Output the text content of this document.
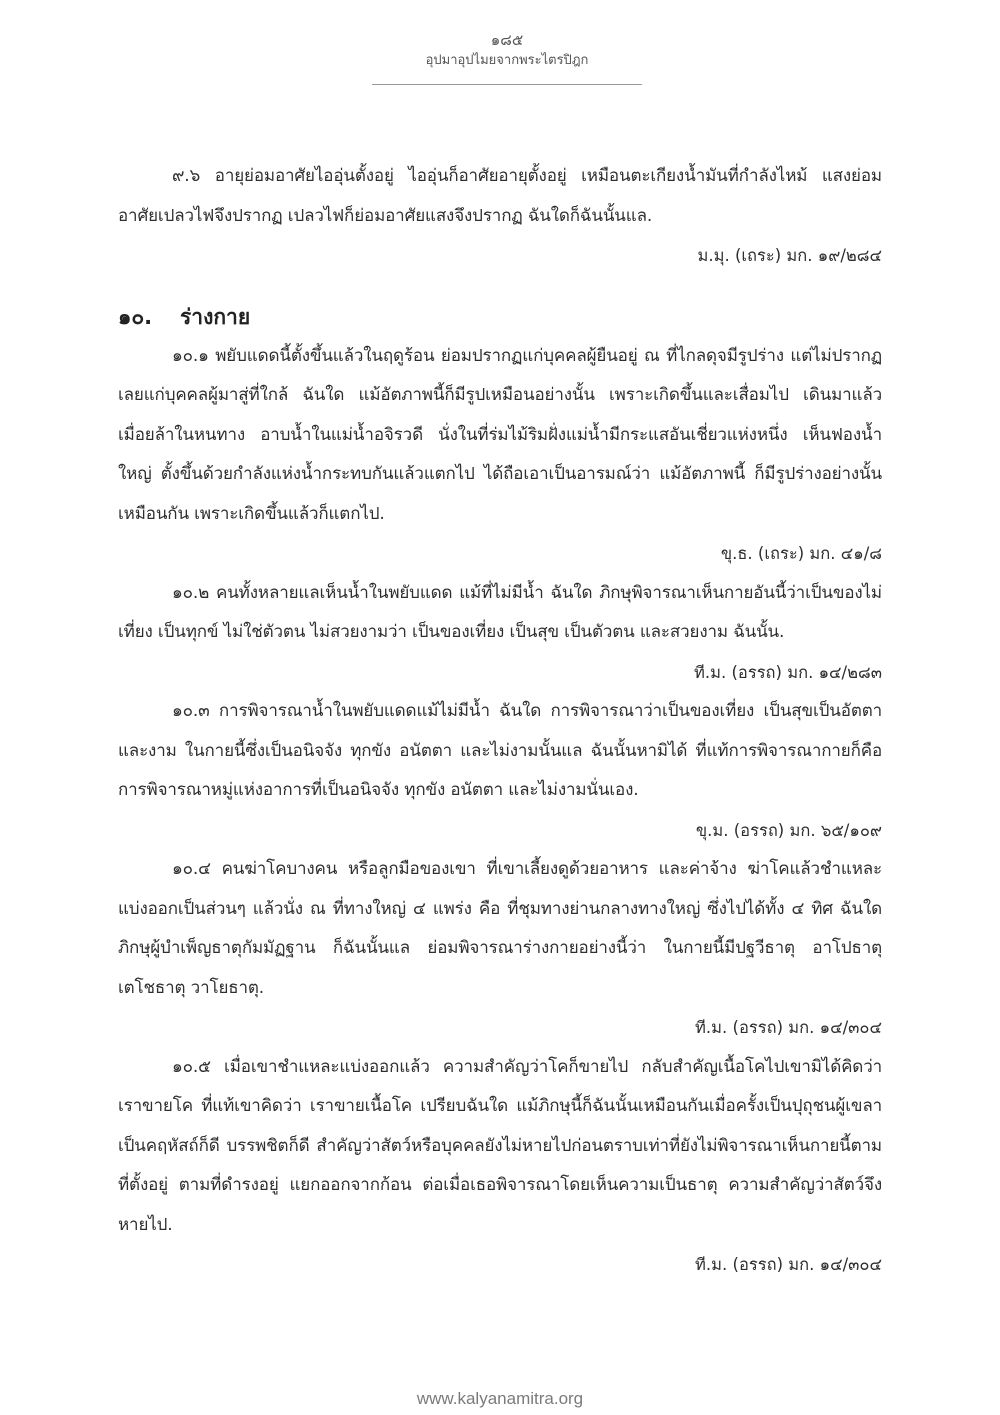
๑๘๕
อุปมาอุปไมยจากพระไตรปิฎก

๙.๖ อายุย่อมอาศัยไออุ่นตั้งอยู่ ไออุ่นก็อาศัยอายุตั้งอยู่ เหมือนตะเกียงน้ำมันที่กำลังไหม้ แสงย่อมอาศัยเปลวไฟจึงปรากฏ เปลวไฟก็ย่อมอาศัยแสงจึงปรากฏ ฉันใดก็ฉันนั้นแล.

ม.มุ. (เถระ) มก. ๑๙/๒๘๔

๑๐. ร่างกาย

๑๐.๑ พยับแดดนี้ตั้งขึ้นแล้วในฤดูร้อน ย่อมปรากฏแก่บุคคลผู้ยืนอยู่ ณ ที่ไกลดุจมีรูปร่าง แต่ไม่ปรากฏเลยแก่บุคคลผู้มาสู่ที่ใกล้ ฉันใด แม้อัตภาพนี้ก็มีรูปเหมือนอย่างนั้น เพราะเกิดขึ้นและเสื่อมไป เดินมาแล้วเมื่อยล้าในหนทาง อาบน้ำในแม่น้ำอจิรวดี นั่งในที่ร่มไม้ริมฝั่งแม่น้ำมีกระแสอันเชี่ยวแห่งหนึ่ง เห็นฟองน้ำใหญ่ ตั้งขึ้นด้วยกำลังแห่งน้ำกระทบกันแล้วแตกไป ได้ถือเอาเป็นอารมณ์ว่า แม้อัตภาพนี้ ก็มีรูปร่างอย่างนั้นเหมือนกัน เพราะเกิดขึ้นแล้วก็แตกไป.

ขุ.ธ. (เถระ) มก. ๔๑/๘

๑๐.๒ คนทั้งหลายแลเห็นน้ำในพยับแดด แม้ที่ไม่มีน้ำ ฉันใด ภิกษุพิจารณาเห็นกายอันนี้ว่าเป็นของไม่เที่ยง เป็นทุกข์ ไม่ใช่ตัวตน ไม่สวยงามว่า เป็นของเที่ยง เป็นสุข เป็นตัวตน และสวยงาม ฉันนั้น.

ที.ม. (อรรถ) มก. ๑๔/๒๘๓

๑๐.๓ การพิจารณาน้ำในพยับแดดแม้ไม่มีน้ำ ฉันใด การพิจารณาว่าเป็นของเที่ยง เป็นสุขเป็นอัตตา และงาม ในกายนี้ซึ่งเป็นอนิจจัง ทุกขัง อนัตตา และไม่งามนั้นแล ฉันนั้นหามิได้ ที่แท้การพิจารณากายก็คือ การพิจารณาหมู่แห่งอาการที่เป็นอนิจจัง ทุกขัง อนัตตา และไม่งามนั่นเอง.

ขุ.ม. (อรรถ) มก. ๖๕/๑๐๙

๑๐.๔ คนฆ่าโคบางคน หรือลูกมือของเขา ที่เขาเลี้ยงดูด้วยอาหาร และค่าจ้าง ฆ่าโคแล้วชำแหละแบ่งออกเป็นส่วนๆ แล้วนั่ง ณ ที่ทางใหญ่ ๔ แพร่ง คือ ที่ชุมทางย่านกลางทางใหญ่ ซึ่งไปได้ทั้ง ๔ ทิศ ฉันใด ภิกษุผู้บำเพ็ญธาตุกัมมัฏฐาน ก็ฉันนั้นแล ย่อมพิจารณาร่างกายอย่างนี้ว่า ในกายนี้มีปฐวีธาตุ อาโปธาตุ เตโชธาตุ วาโยธาตุ.

ที.ม. (อรรถ) มก. ๑๔/๓๐๔

๑๐.๕ เมื่อเขาชำแหละแบ่งออกแล้ว ความสำคัญว่าโคก็ขายไป กลับสำคัญเนื้อโคไปเขามิได้คิดว่า เราขายโค ที่แท้เขาคิดว่า เราขายเนื้อโค เปรียบฉันใด แม้ภิกษุนี้ก็ฉันนั้นเหมือนกันเมื่อครั้งเป็นปุถุชนผู้เขลา เป็นคฤหัสถ์ก็ดี บรรพชิตก็ดี สำคัญว่าสัตว์หรือบุคคลยังไม่หายไปก่อนตราบเท่าที่ยังไม่พิจารณาเห็นกายนี้ตามที่ตั้งอยู่ ตามที่ดำรงอยู่ แยกออกจากก้อน ต่อเมื่อเธอพิจารณาโดยเห็นความเป็นธาตุ ความสำคัญว่าสัตว์จึงหายไป.

ที.ม. (อรรถ) มก. ๑๔/๓๐๔

www.kalyanamitra.org
